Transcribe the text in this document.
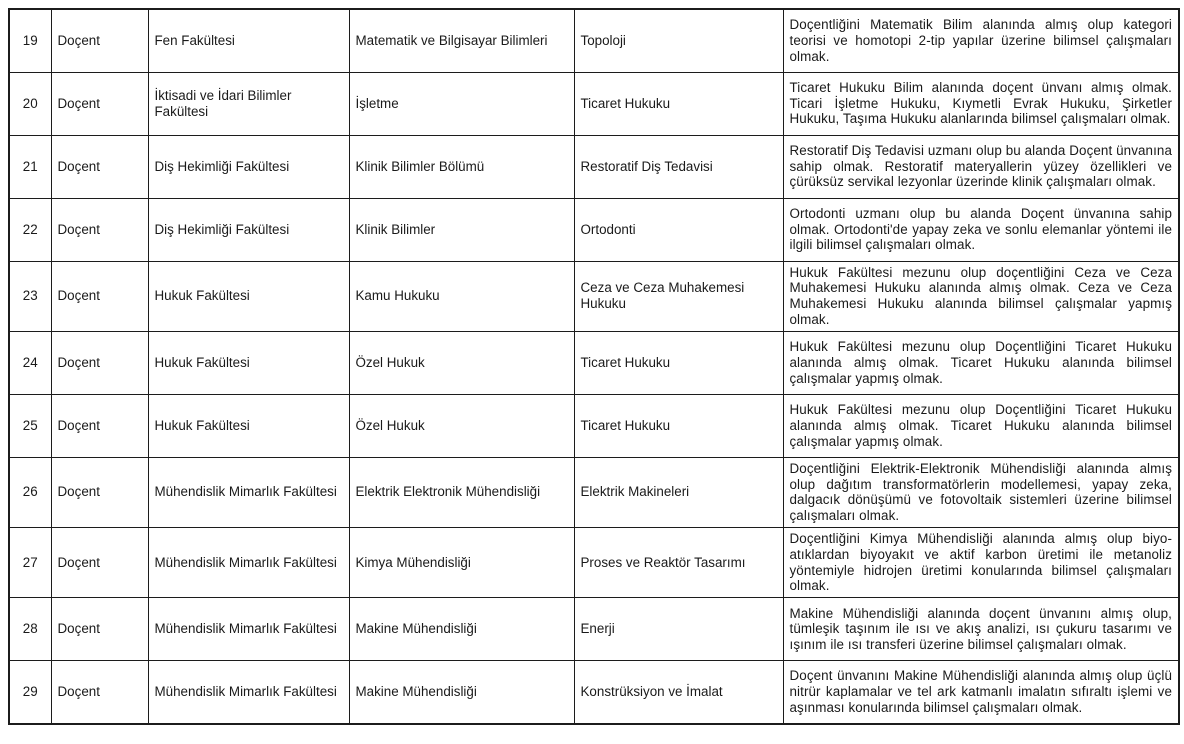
19	Doçent	Fen Fakültesi	Matematik ve Bilgisayar Bilimleri	Topoloji	Doçentliğini Matematik Bilim alanında almış olup kategori teorisi ve homotopi 2-tip yapılar üzerine bilimsel çalışmaları olmak.
20	Doçent	İktisadi ve İdari Bilimler Fakültesi	İşletme	Ticaret Hukuku	Ticaret Hukuku Bilim alanında doçent ünvanı almış olmak. Ticari İşletme Hukuku, Kıymetli Evrak Hukuku, Şirketler Hukuku, Taşıma Hukuku alanlarında bilimsel çalışmaları olmak.
21	Doçent	Diş Hekimliği Fakültesi	Klinik Bilimler Bölümü	Restoratif Diş Tedavisi	Restoratif Diş Tedavisi uzmanı olup bu alanda Doçent ünvanına sahip olmak. Restoratif materyallerin yüzey özellikleri ve çürüksüz servikal lezyonlar üzerinde klinik çalışmaları olmak.
22	Doçent	Diş Hekimliği Fakültesi	Klinik Bilimler	Ortodonti	Ortodonti uzmanı olup bu alanda Doçent ünvanına sahip olmak. Ortodonti'de yapay zeka ve sonlu elemanlar yöntemi ile ilgili bilimsel çalışmaları olmak.
23	Doçent	Hukuk Fakültesi	Kamu Hukuku	Ceza ve Ceza Muhakemesi Hukuku	Hukuk Fakültesi mezunu olup doçentliğini Ceza ve Ceza Muhakemesi Hukuku alanında almış olmak. Ceza ve Ceza Muhakemesi Hukuku alanında bilimsel çalışmalar yapmış olmak.
24	Doçent	Hukuk Fakültesi	Özel Hukuk	Ticaret Hukuku	Hukuk Fakültesi mezunu olup Doçentliğini Ticaret Hukuku alanında almış olmak. Ticaret Hukuku alanında bilimsel çalışmalar yapmış olmak.
25	Doçent	Hukuk Fakültesi	Özel Hukuk	Ticaret Hukuku	Hukuk Fakültesi mezunu olup Doçentliğini Ticaret Hukuku alanında almış olmak. Ticaret Hukuku alanında bilimsel çalışmalar yapmış olmak.
26	Doçent	Mühendislik Mimarlık Fakültesi	Elektrik Elektronik Mühendisliği	Elektrik Makineleri	Doçentliğini Elektrik-Elektronik Mühendisliği alanında almış olup dağıtım transformatörlerin modellemesi, yapay zeka, dalgacık dönüşümü ve fotovoltaik sistemleri üzerine bilimsel çalışmaları olmak.
27	Doçent	Mühendislik Mimarlık Fakültesi	Kimya Mühendisliği	Proses ve Reaktör Tasarımı	Doçentliğini Kimya Mühendisliği alanında almış olup biyo-atıklardan biyoyakıt ve aktif karbon üretimi ile metanoliz yöntemiyle hidrojen üretimi konularında bilimsel çalışmaları olmak.
28	Doçent	Mühendislik Mimarlık Fakültesi	Makine Mühendisliği	Enerji	Makine Mühendisliği alanında doçent ünvanını almış olup, tümleşik taşınım ile ısı ve akış analizi, ısı çukuru tasarımı ve ışınım ile ısı transferi üzerine bilimsel çalışmaları olmak.
29	Doçent	Mühendislik Mimarlık Fakültesi	Makine Mühendisliği	Konstrüksiyon ve İmalat	Doçent ünvanını Makine Mühendisliği alanında almış olup üçlü nitrür kaplamalar ve tel ark katmanlı imalatın sıfıraltı işlemi ve aşınması konularında bilimsel çalışmaları olmak.
